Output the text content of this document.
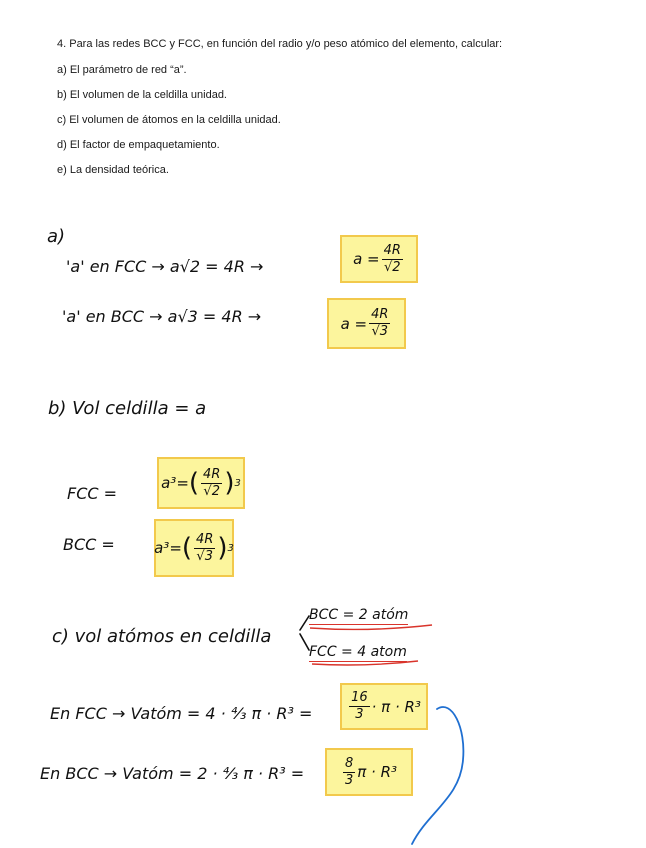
4. Para las redes BCC y FCC, en función del radio y/o peso atómico del elemento, calcular:

a) El parámetro de red “a”.

b) El volumen de la celdilla unidad.

c) El volumen de átomos en la celdilla unidad.

d) El factor de empaquetamiento.

e) La densidad teórica.

a)
'a' en FCC → a√2 = 4R →	$a = \frac{4R}{√2}$
'a' en BCC → a√3 = 4R →	$a = \frac{4R}{√3}$
b) Vol celdilla = a
FCC =
a³= ( $\frac{4R}{√2}$ ) 3
BCC =	a³= ( $\frac{4R}{√3}$ ) 3
c) vol atómos en celdilla
BCC = 2 atóm
FCC = 4 atom
En FCC → Vatóm = 4 · ⁴⁄₃ π · R³ =	$\frac{16}{3} \cdot \pi \cdot R^3$
En BCC → Vatóm = 2 · ⁴⁄₃ π · R³ =	$\frac{8}{3}$ π · R³
